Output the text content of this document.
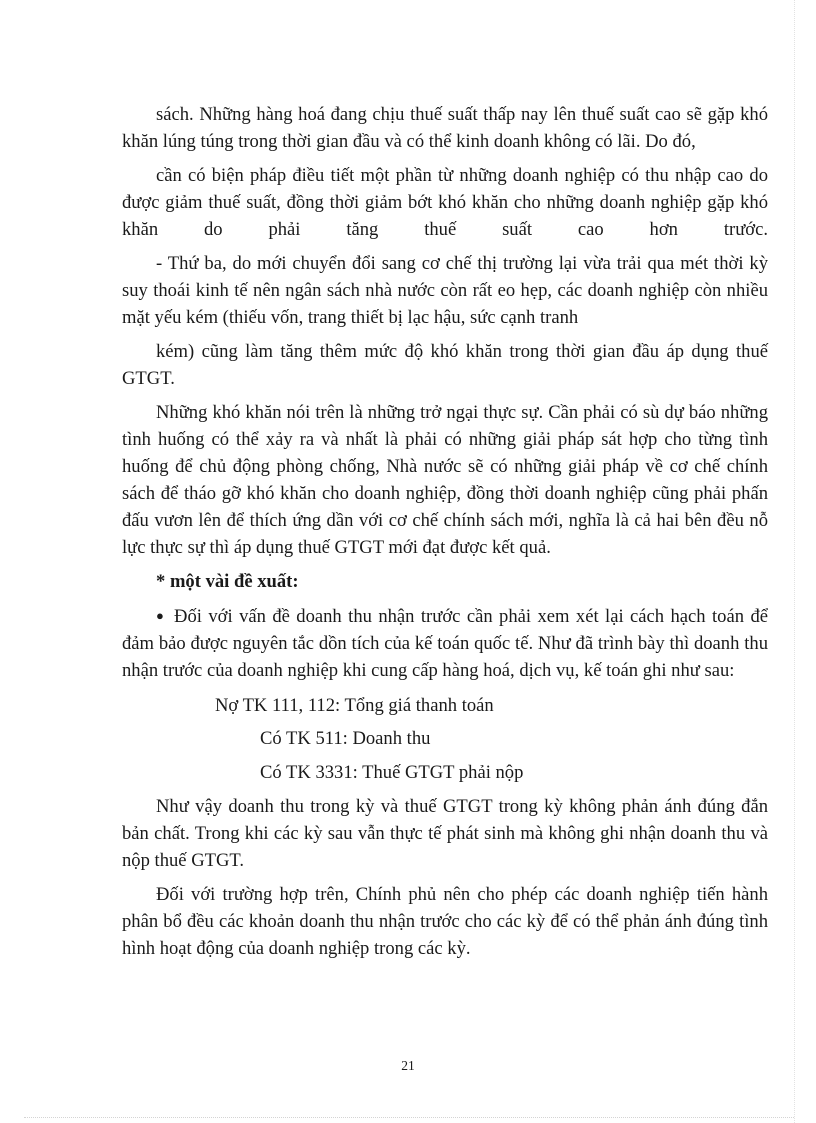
sách. Những hàng hoá đang chịu thuế suất thấp nay lên thuế suất cao sẽ gặp khó khăn lúng túng trong thời gian đầu và có thể kinh doanh không có lãi. Do đó,

cần có biện pháp điều tiết một phần từ những doanh nghiệp có thu nhập cao do được giảm thuế suất, đồng thời giảm bớt khó khăn cho những doanh nghiệp gặp khó khăn do phải tăng thuế suất cao hơn trước.

- Thứ ba, do mới chuyển đổi sang cơ chế thị trường lại vừa trải qua mét thời kỳ suy thoái kinh tế nên ngân sách nhà nước còn rất eo hẹp, các doanh nghiệp còn nhiều mặt yếu kém (thiếu vốn, trang thiết bị lạc hậu, sức cạnh tranh

kém) cũng làm tăng thêm mức độ khó khăn trong thời gian đầu áp dụng thuế GTGT.

Những khó khăn nói trên là những trở ngại thực sự. Cần phải có sù dự báo những tình huống có thể xảy ra và nhất là phải có những giải pháp sát hợp cho từng tình huống để chủ động phòng chống, Nhà nước sẽ có những giải pháp về cơ chế chính sách để tháo gỡ khó khăn cho doanh nghiệp, đồng thời doanh nghiệp cũng phải phấn đấu vươn lên để thích ứng dần với cơ chế chính sách mới, nghĩa là cả hai bên đều nỗ lực thực sự thì áp dụng thuế GTGT mới đạt được kết quả.

* một vài đề xuất:

● Đối với vấn đề doanh thu nhận trước cần phải xem xét lại cách hạch toán để đảm bảo được nguyên tắc dồn tích của kế toán quốc tế. Như đã trình bày thì doanh thu nhận trước của doanh nghiệp khi cung cấp hàng hoá, dịch vụ, kế toán ghi như sau:

Nợ TK 111, 112: Tổng giá thanh toán

Có TK 511: Doanh thu

Có TK 3331: Thuế GTGT phải nộp

Như vậy doanh thu trong kỳ và thuế GTGT trong kỳ không phản ánh đúng đắn bản chất. Trong khi các kỳ sau vẫn thực tế phát sinh mà không ghi nhận doanh thu và nộp thuế GTGT.

Đối với trường hợp trên, Chính phủ nên cho phép các doanh nghiệp tiến hành phân bổ đều các khoản doanh thu nhận trước cho các kỳ để có thể phản ánh đúng tình hình hoạt động của doanh nghiệp trong các kỳ.

21
